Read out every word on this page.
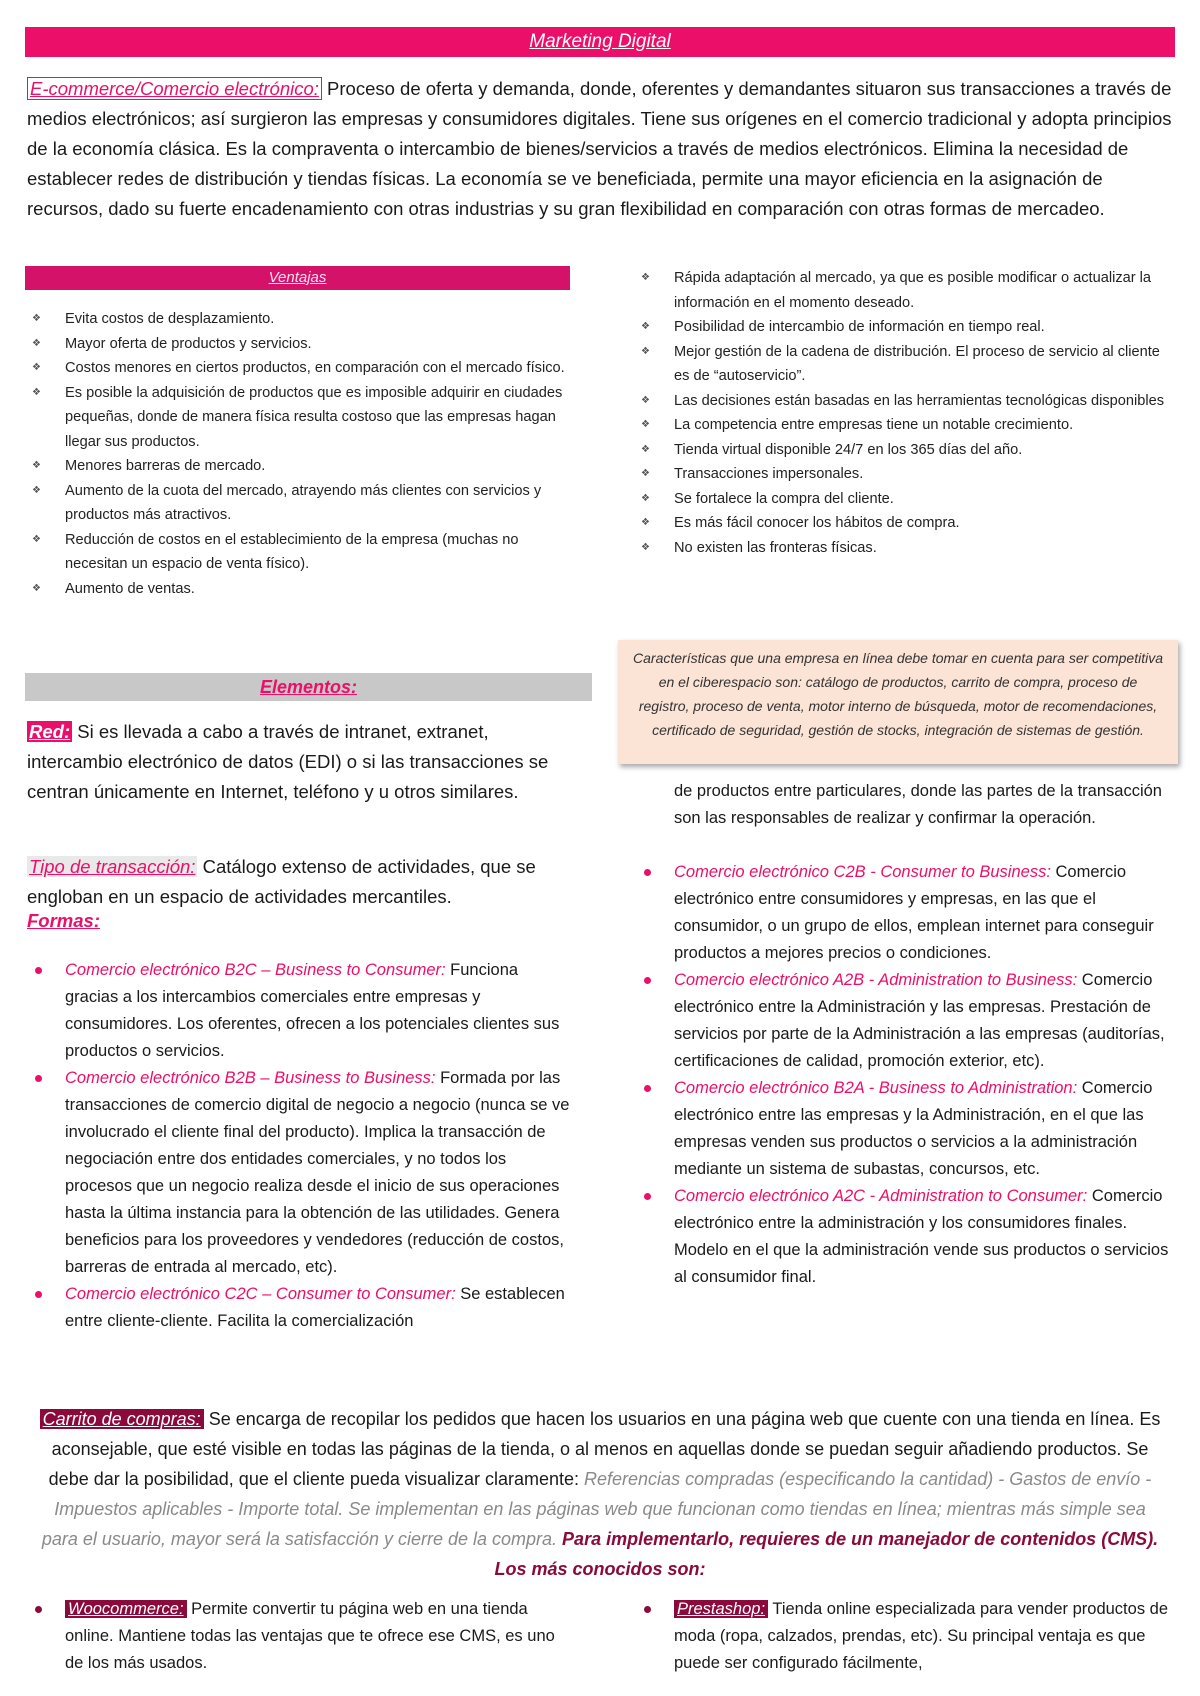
Marketing Digital
E-commerce/Comercio electrónico: Proceso de oferta y demanda, donde, oferentes y demandantes situaron sus transacciones a través de medios electrónicos; así surgieron las empresas y consumidores digitales. Tiene sus orígenes en el comercio tradicional y adopta principios de la economía clásica. Es la compraventa o intercambio de bienes/servicios a través de medios electrónicos. Elimina la necesidad de establecer redes de distribución y tiendas físicas. La economía se ve beneficiada, permite una mayor eficiencia en la asignación de recursos, dado su fuerte encadenamiento con otras industrias y su gran flexibilidad en comparación con otras formas de mercadeo.
Ventajas
❖ Evita costos de desplazamiento.
❖ Mayor oferta de productos y servicios.
❖ Costos menores en ciertos productos, en comparación con el mercado físico.
❖ Es posible la adquisición de productos que es imposible adquirir en ciudades pequeñas, donde de manera física resulta costoso que las empresas hagan llegar sus productos.
❖ Menores barreras de mercado.
❖ Aumento de la cuota del mercado, atrayendo más clientes con servicios y productos más atractivos.
❖ Reducción de costos en el establecimiento de la empresa (muchas no necesitan un espacio de venta físico).
❖ Aumento de ventas.
❖ Rápida adaptación al mercado, ya que es posible modificar o actualizar la información en el momento deseado.
❖ Posibilidad de intercambio de información en tiempo real.
❖ Mejor gestión de la cadena de distribución. El proceso de servicio al cliente es de “autoservicio”.
❖ Las decisiones están basadas en las herramientas tecnológicas disponibles
❖ La competencia entre empresas tiene un notable crecimiento.
❖ Tienda virtual disponible 24/7 en los 365 días del año.
❖ Transacciones impersonales.
❖ Se fortalece la compra del cliente.
❖ Es más fácil conocer los hábitos de compra.
❖ No existen las fronteras físicas.
Características que una empresa en línea debe tomar en cuenta para ser competitiva en el ciberespacio son: catálogo de productos, carrito de compra, proceso de registro, proceso de venta, motor interno de búsqueda, motor de recomendaciones, certificado de seguridad, gestión de stocks, integración de sistemas de gestión.
Elementos:
Red: Si es llevada a cabo a través de intranet, extranet, intercambio electrónico de datos (EDI) o si las transacciones se centran únicamente en Internet, teléfono y u otros similares.
Tipo de transacción: Catálogo extenso de actividades, que se engloban en un espacio de actividades mercantiles.
Formas:
Comercio electrónico B2C – Business to Consumer: Funciona gracias a los intercambios comerciales entre empresas y consumidores. Los oferentes, ofrecen a los potenciales clientes sus productos o servicios.
Comercio electrónico B2B – Business to Business: Formada por las transacciones de comercio digital de negocio a negocio (nunca se ve involucrado el cliente final del producto). Implica la transacción de negociación entre dos entidades comerciales, y no todos los procesos que un negocio realiza desde el inicio de sus operaciones hasta la última instancia para la obtención de las utilidades. Genera beneficios para los proveedores y vendedores (reducción de costos, barreras de entrada al mercado, etc).
Comercio electrónico C2C – Consumer to Consumer: Se establecen entre cliente-cliente. Facilita la comercialización
de productos entre particulares, donde las partes de la transacción son las responsables de realizar y confirmar la operación.
Comercio electrónico C2B - Consumer to Business: Comercio electrónico entre consumidores y empresas, en las que el consumidor, o un grupo de ellos, emplean internet para conseguir productos a mejores precios o condiciones.
Comercio electrónico A2B - Administration to Business: Comercio electrónico entre la Administración y las empresas. Prestación de servicios por parte de la Administración a las empresas (auditorías, certificaciones de calidad, promoción exterior, etc).
Comercio electrónico B2A - Business to Administration: Comercio electrónico entre las empresas y la Administración, en el que las empresas venden sus productos o servicios a la administración mediante un sistema de subastas, concursos, etc.
Comercio electrónico A2C - Administration to Consumer: Comercio electrónico entre la administración y los consumidores finales. Modelo en el que la administración vende sus productos o servicios al consumidor final.
Carrito de compras: Se encarga de recopilar los pedidos que hacen los usuarios en una página web que cuente con una tienda en línea. Es aconsejable, que esté visible en todas las páginas de la tienda, o al menos en aquellas donde se puedan seguir añadiendo productos. Se debe dar la posibilidad, que el cliente pueda visualizar claramente: Referencias compradas (especificando la cantidad) - Gastos de envío - Impuestos aplicables - Importe total. Se implementan en las páginas web que funcionan como tiendas en línea; mientras más simple sea para el usuario, mayor será la satisfacción y cierre de la compra. Para implementarlo, requieres de un manejador de contenidos (CMS). Los más conocidos son:
Woocommerce: Permite convertir tu página web en una tienda online. Mantiene todas las ventajas que te ofrece ese CMS, es uno de los más usados.
Prestashop: Tienda online especializada para vender productos de moda (ropa, calzados, prendas, etc). Su principal ventaja es que puede ser configurado fácilmente,
